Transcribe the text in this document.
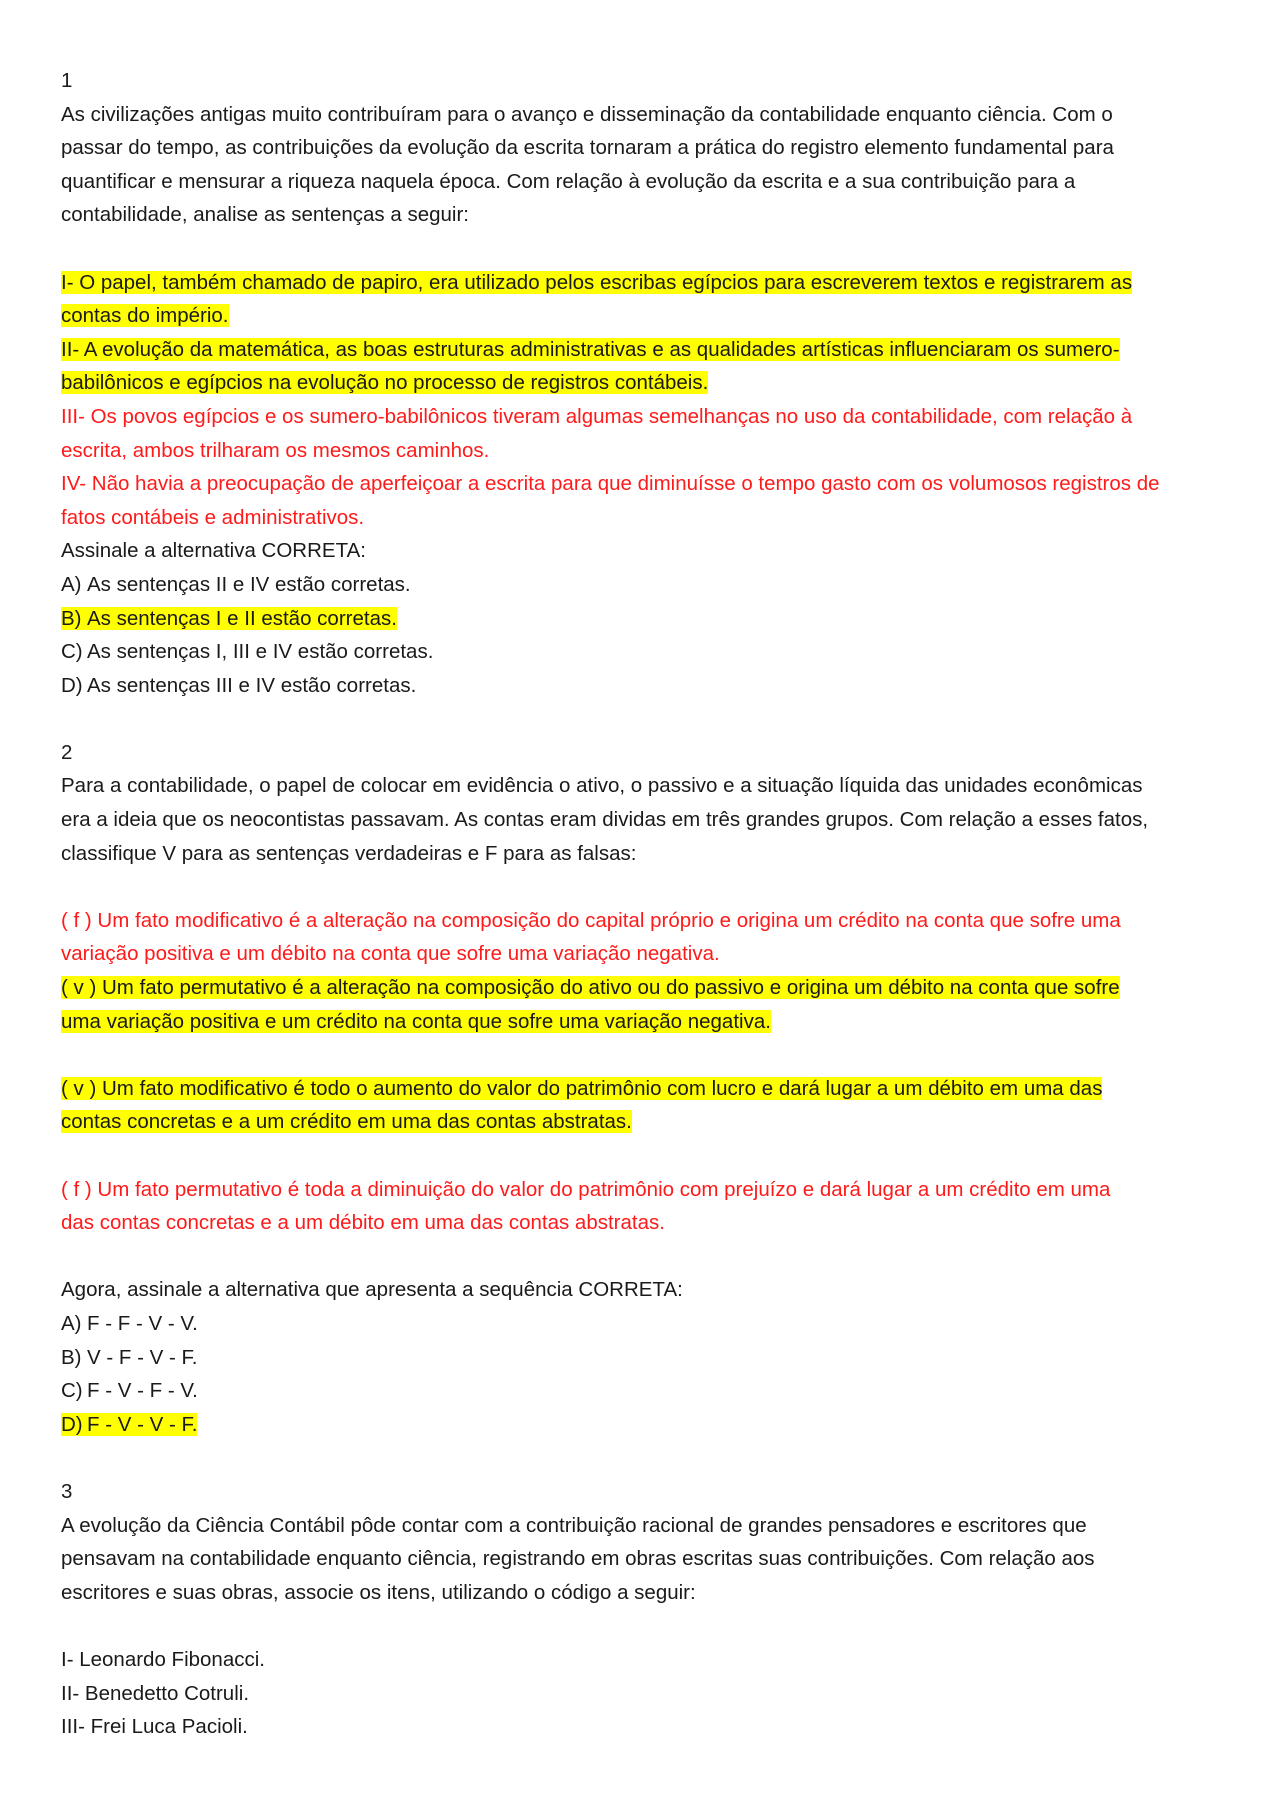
1

As civilizações antigas muito contribuíram para o avanço e disseminação da contabilidade enquanto ciência. Com o

passar do tempo, as contribuições da evolução da escrita tornaram a prática do registro elemento fundamental para

quantificar e mensurar a riqueza naquela época. Com relação à evolução da escrita e a sua contribuição para a

contabilidade, analise as sentenças a seguir:

I- O papel, também chamado de papiro, era utilizado pelos escribas egípcios para escreverem textos e registrarem as

contas do império.

II- A evolução da matemática, as boas estruturas administrativas e as qualidades artísticas influenciaram os sumero-

babilônicos e egípcios na evolução no processo de registros contábeis.

III- Os povos egípcios e os sumero-babilônicos tiveram algumas semelhanças no uso da contabilidade, com relação à

escrita, ambos trilharam os mesmos caminhos.

IV- Não havia a preocupação de aperfeiçoar a escrita para que diminuísse o tempo gasto com os volumosos registros de

fatos contábeis e administrativos.

Assinale a alternativa CORRETA:

A) As sentenças II e IV estão corretas.

B) As sentenças I e II estão corretas.

C) As sentenças I, III e IV estão corretas.

D) As sentenças III e IV estão corretas.

2

Para a contabilidade, o papel de colocar em evidência o ativo, o passivo e a situação líquida das unidades econômicas

era a ideia que os neocontistas passavam. As contas eram dividas em três grandes grupos. Com relação a esses fatos,

classifique V para as sentenças verdadeiras e F para as falsas:

( f ) Um fato modificativo é a alteração na composição do capital próprio e origina um crédito na conta que sofre uma

variação positiva e um débito na conta que sofre uma variação negativa.

( v ) Um fato permutativo é a alteração na composição do ativo ou do passivo e origina um débito na conta que sofre

uma variação positiva e um crédito na conta que sofre uma variação negativa.

( v ) Um fato modificativo é todo o aumento do valor do patrimônio com lucro e dará lugar a um débito em uma das

contas concretas e a um crédito em uma das contas abstratas.

( f ) Um fato permutativo é toda a diminuição do valor do patrimônio com prejuízo e dará lugar a um crédito em uma

das contas concretas e a um débito em uma das contas abstratas.

Agora, assinale a alternativa que apresenta a sequência CORRETA:

A) F - F - V - V.

B) V - F - V - F.

C) F - V - F - V.

D) F - V - V - F.

3

A evolução da Ciência Contábil pôde contar com a contribuição racional de grandes pensadores e escritores que

pensavam na contabilidade enquanto ciência, registrando em obras escritas suas contribuições. Com relação aos

escritores e suas obras, associe os itens, utilizando o código a seguir:

I- Leonardo Fibonacci.

II- Benedetto Cotruli.

III- Frei Luca Pacioli.
